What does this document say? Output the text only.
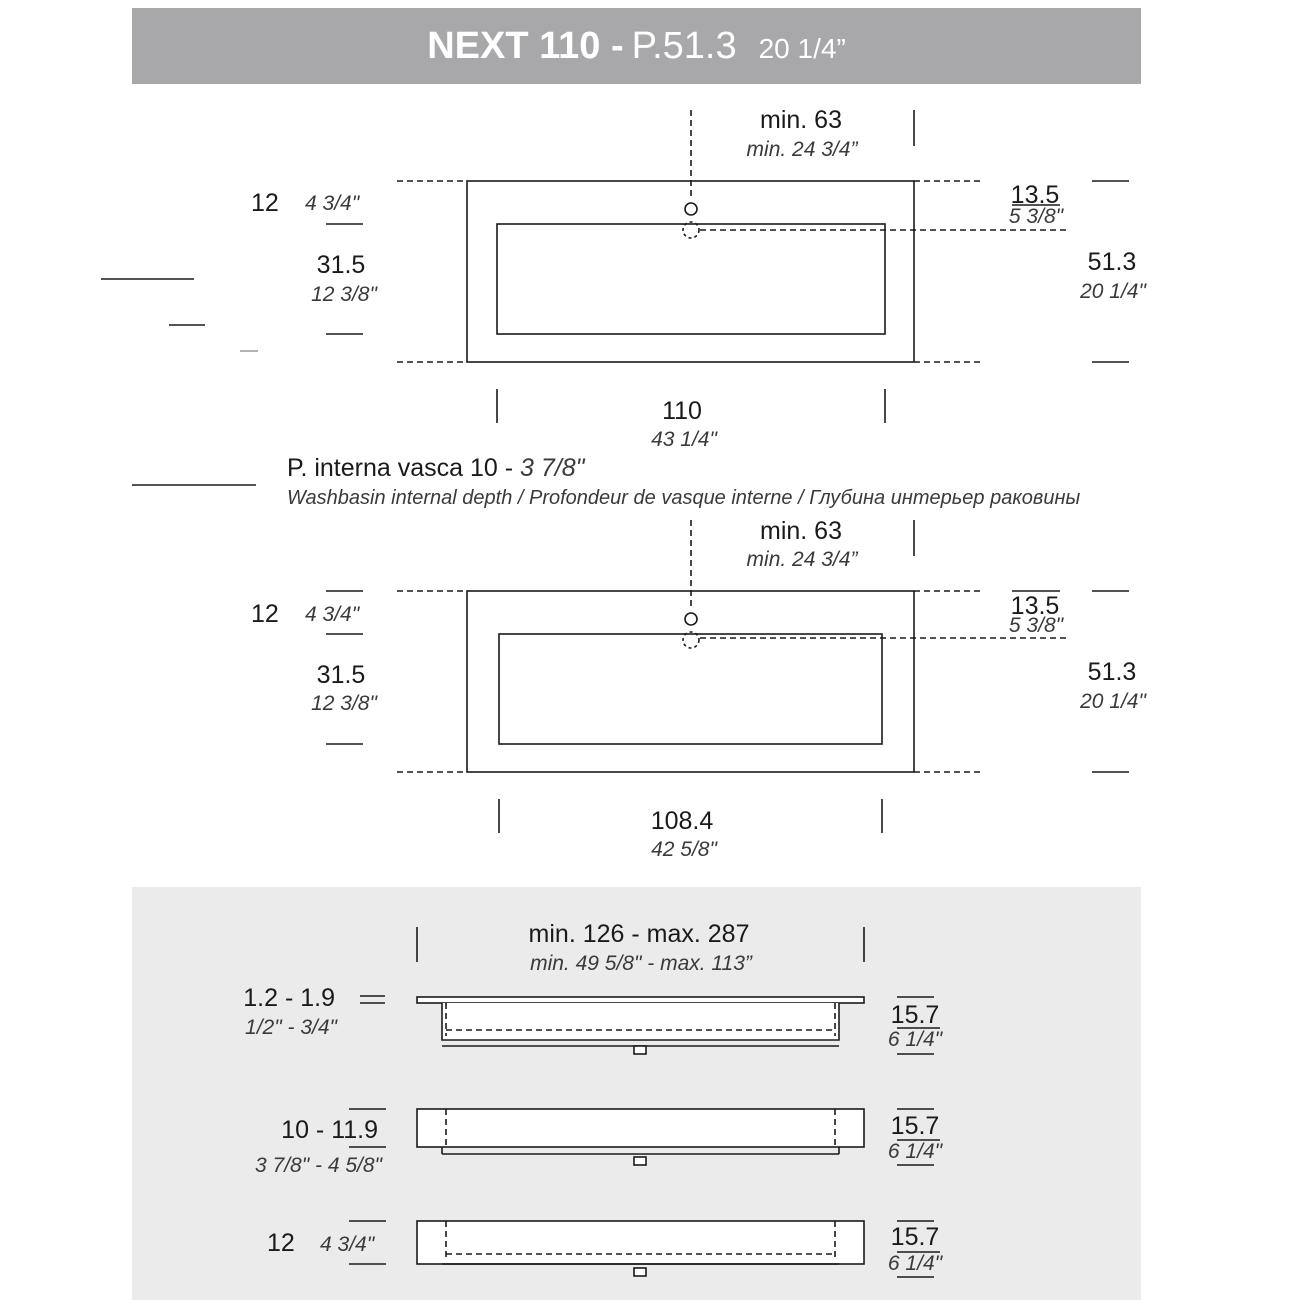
NEXT 110 - P.51.3 20 1/4”
min. 63
min. 24 3/4”
12 4 3/4"
31.5
12 3/8"
13.5
5 3/8"
51.3
20 1/4"
110
43 1/4"
P. interna vasca 10 - 3 7/8"
Washbasin internal depth / Profondeur de vasque interne / Глубина интерьер раковины
min. 63
min. 24 3/4”
12 4 3/4"
31.5
12 3/8"
13.5
5 3/8"
51.3
20 1/4"
108.4
42 5/8"
min. 126 - max. 287
min. 49 5/8" - max. 113”
1.2 - 1.9
1/2" - 3/4"	15.7
6 1/4"
10 - 11.9
3 7/8" - 4 5/8"
15.7
6 1/4"
12 4 3/4"	15.7
6 1/4"
